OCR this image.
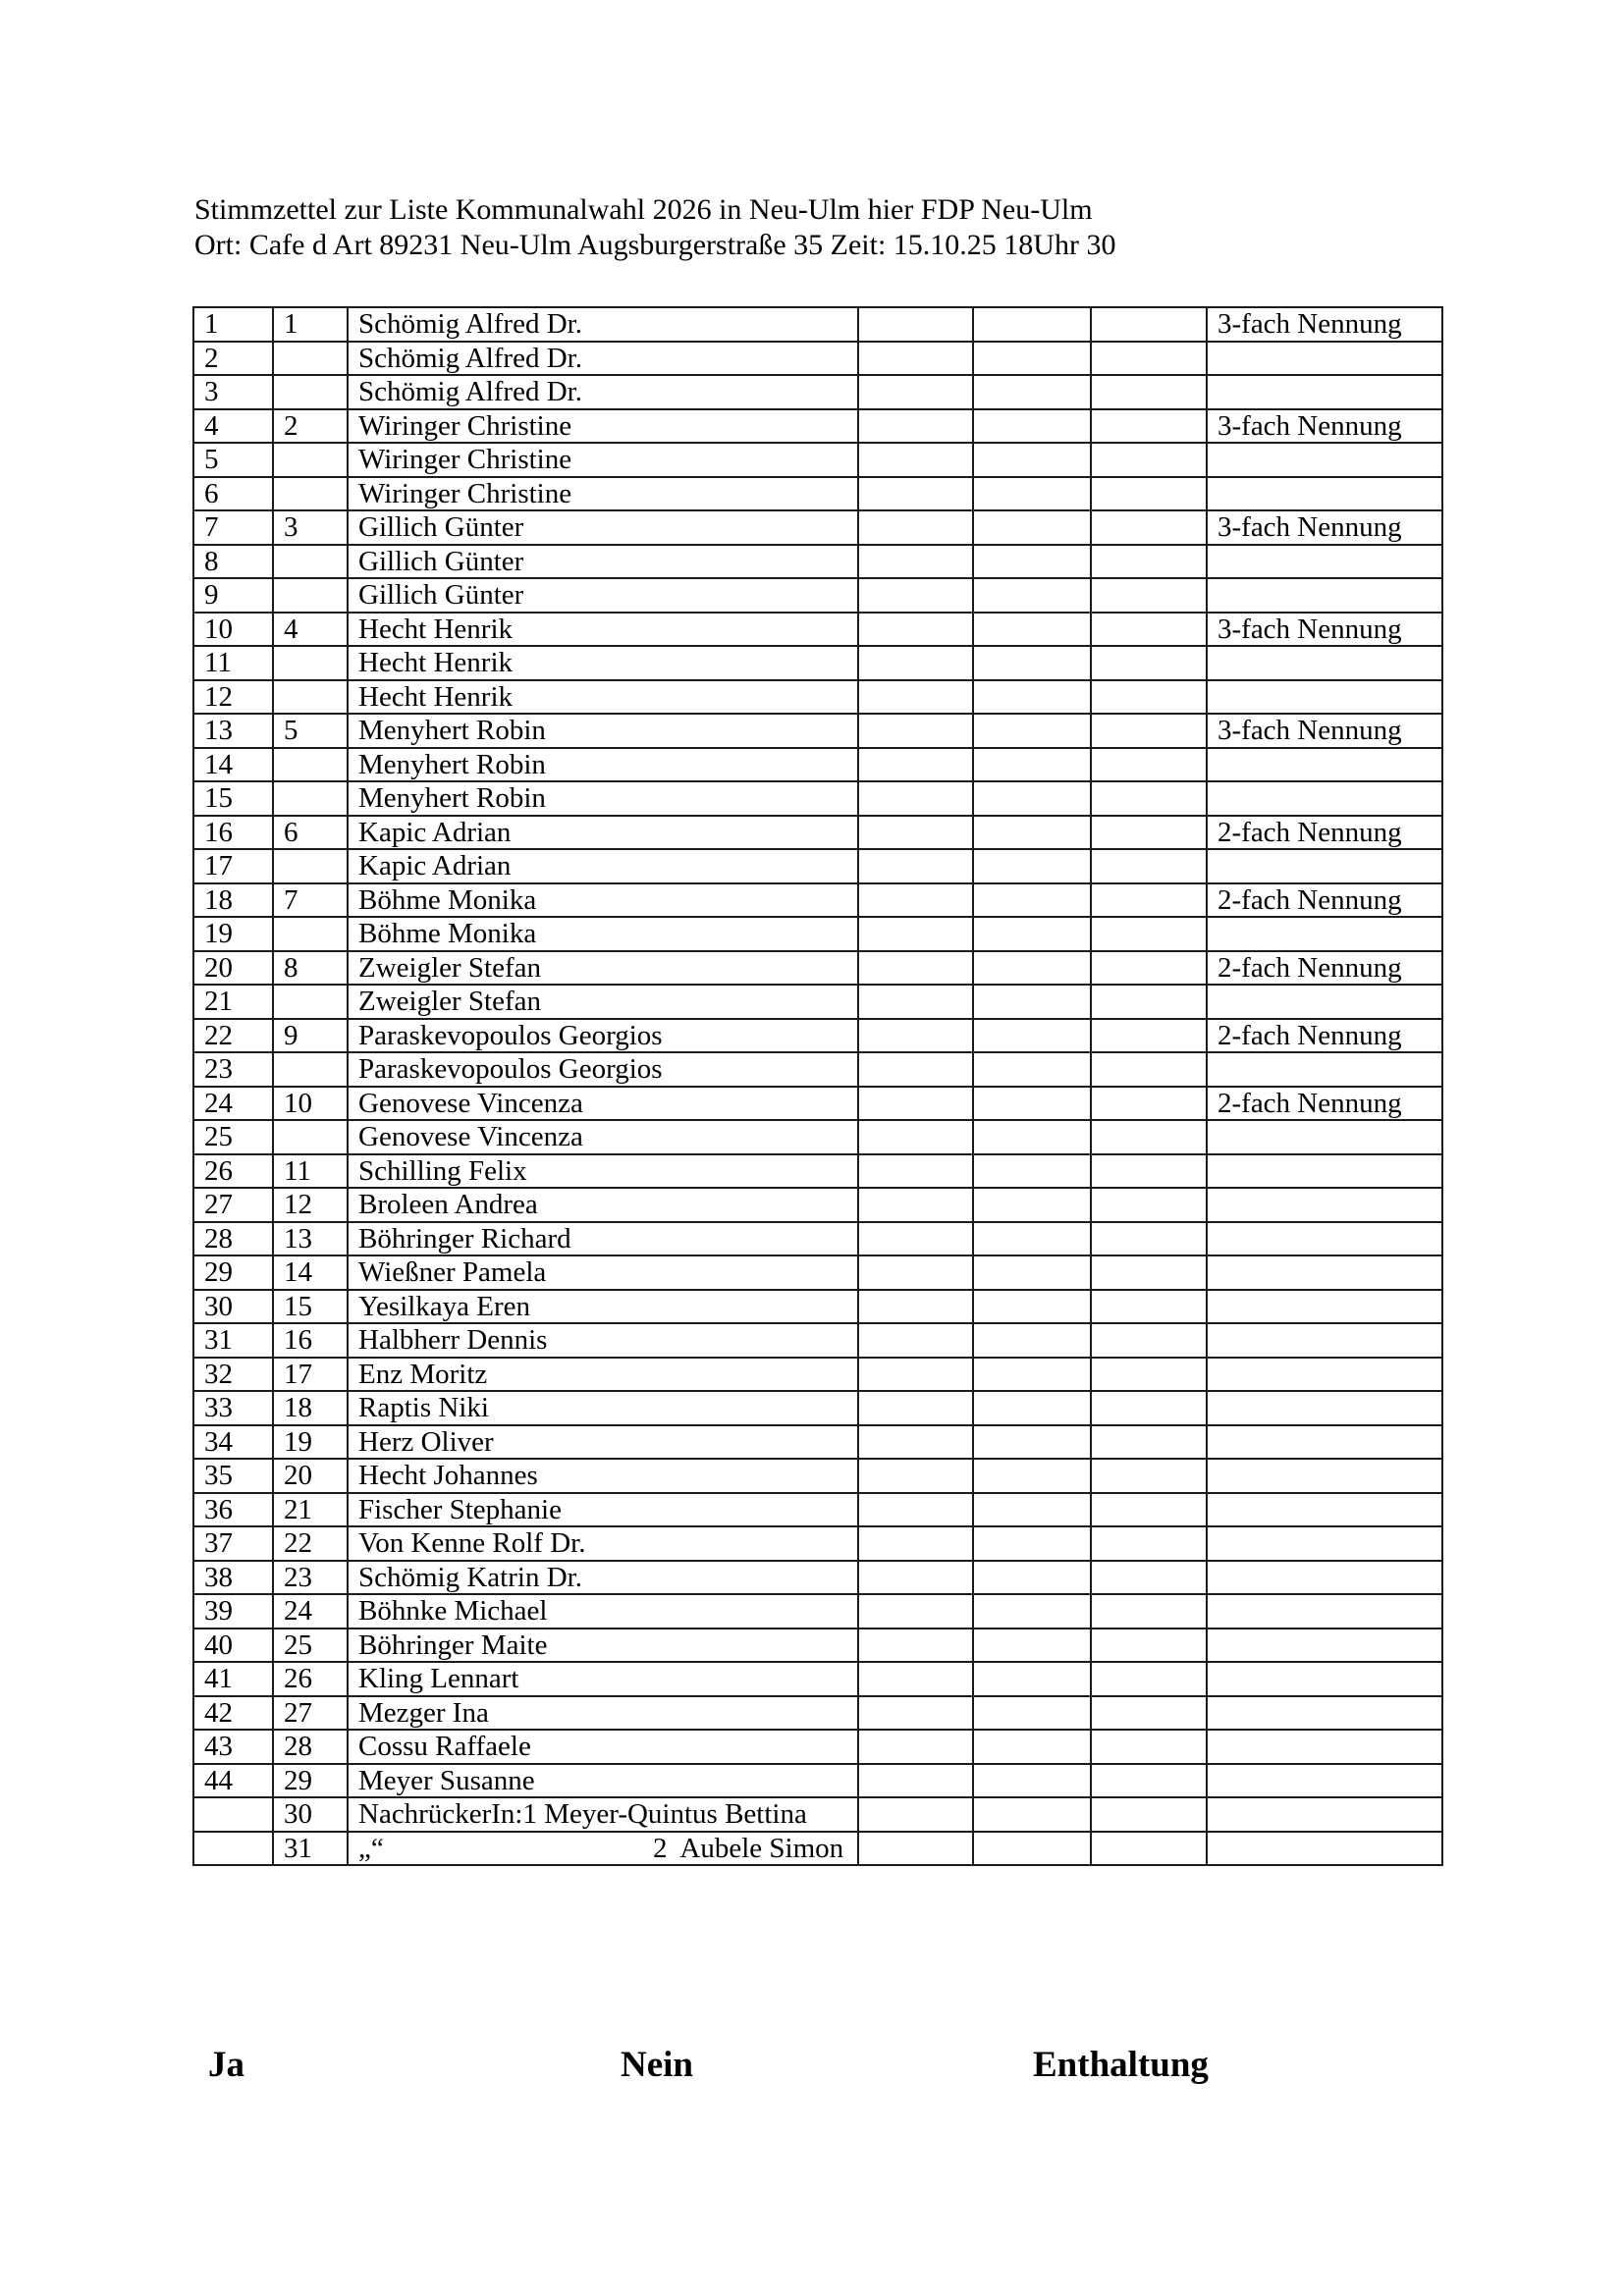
Stimmzettel zur Liste Kommunalwahl 2026 in Neu-Ulm hier FDP Neu-Ulm
Ort: Cafe d Art 89231 Neu-Ulm Augsburgerstraße 35 Zeit: 15.10.25 18Uhr 30
1	1	Schömig Alfred Dr.				3-fach Nennung
2		Schömig Alfred Dr.				
3		Schömig Alfred Dr.				
4	2	Wiringer Christine				3-fach Nennung
5		Wiringer Christine				
6		Wiringer Christine				
7	3	Gillich Günter				3-fach Nennung
8		Gillich Günter				
9		Gillich Günter				
10	4	Hecht Henrik				3-fach Nennung
11		Hecht Henrik				
12		Hecht Henrik				
13	5	Menyhert Robin				3-fach Nennung
14		Menyhert Robin				
15		Menyhert Robin				
16	6	Kapic Adrian				2-fach Nennung
17		Kapic Adrian				
18	7	Böhme Monika				2-fach Nennung
19		Böhme Monika				
20	8	Zweigler Stefan				2-fach Nennung
21		Zweigler Stefan				
22	9	Paraskevopoulos Georgios				2-fach Nennung
23		Paraskevopoulos Georgios				
24	10	Genovese Vincenza				2-fach Nennung
25		Genovese Vincenza				
26	11	Schilling Felix				
27	12	Broleen Andrea				
28	13	Böhringer Richard				
29	14	Wießner Pamela				
30	15	Yesilkaya Eren				
31	16	Halbherr Dennis				
32	17	Enz Moritz				
33	18	Raptis Niki				
34	19	Herz Oliver				
35	20	Hecht Johannes				
36	21	Fischer Stephanie				
37	22	Von Kenne Rolf Dr.				
38	23	Schömig Katrin Dr.				
39	24	Böhnke Michael				
40	25	Böhringer Maite				
41	26	Kling Lennart				
42	27	Mezger Ina				
43	28	Cossu Raffaele				
44	29	Meyer Susanne				
	30	NachrückerIn:1 Meyer-Quintus Bettina				
	31	„“ 2  Aubele Simon				
Ja	Nein	Enthaltung
